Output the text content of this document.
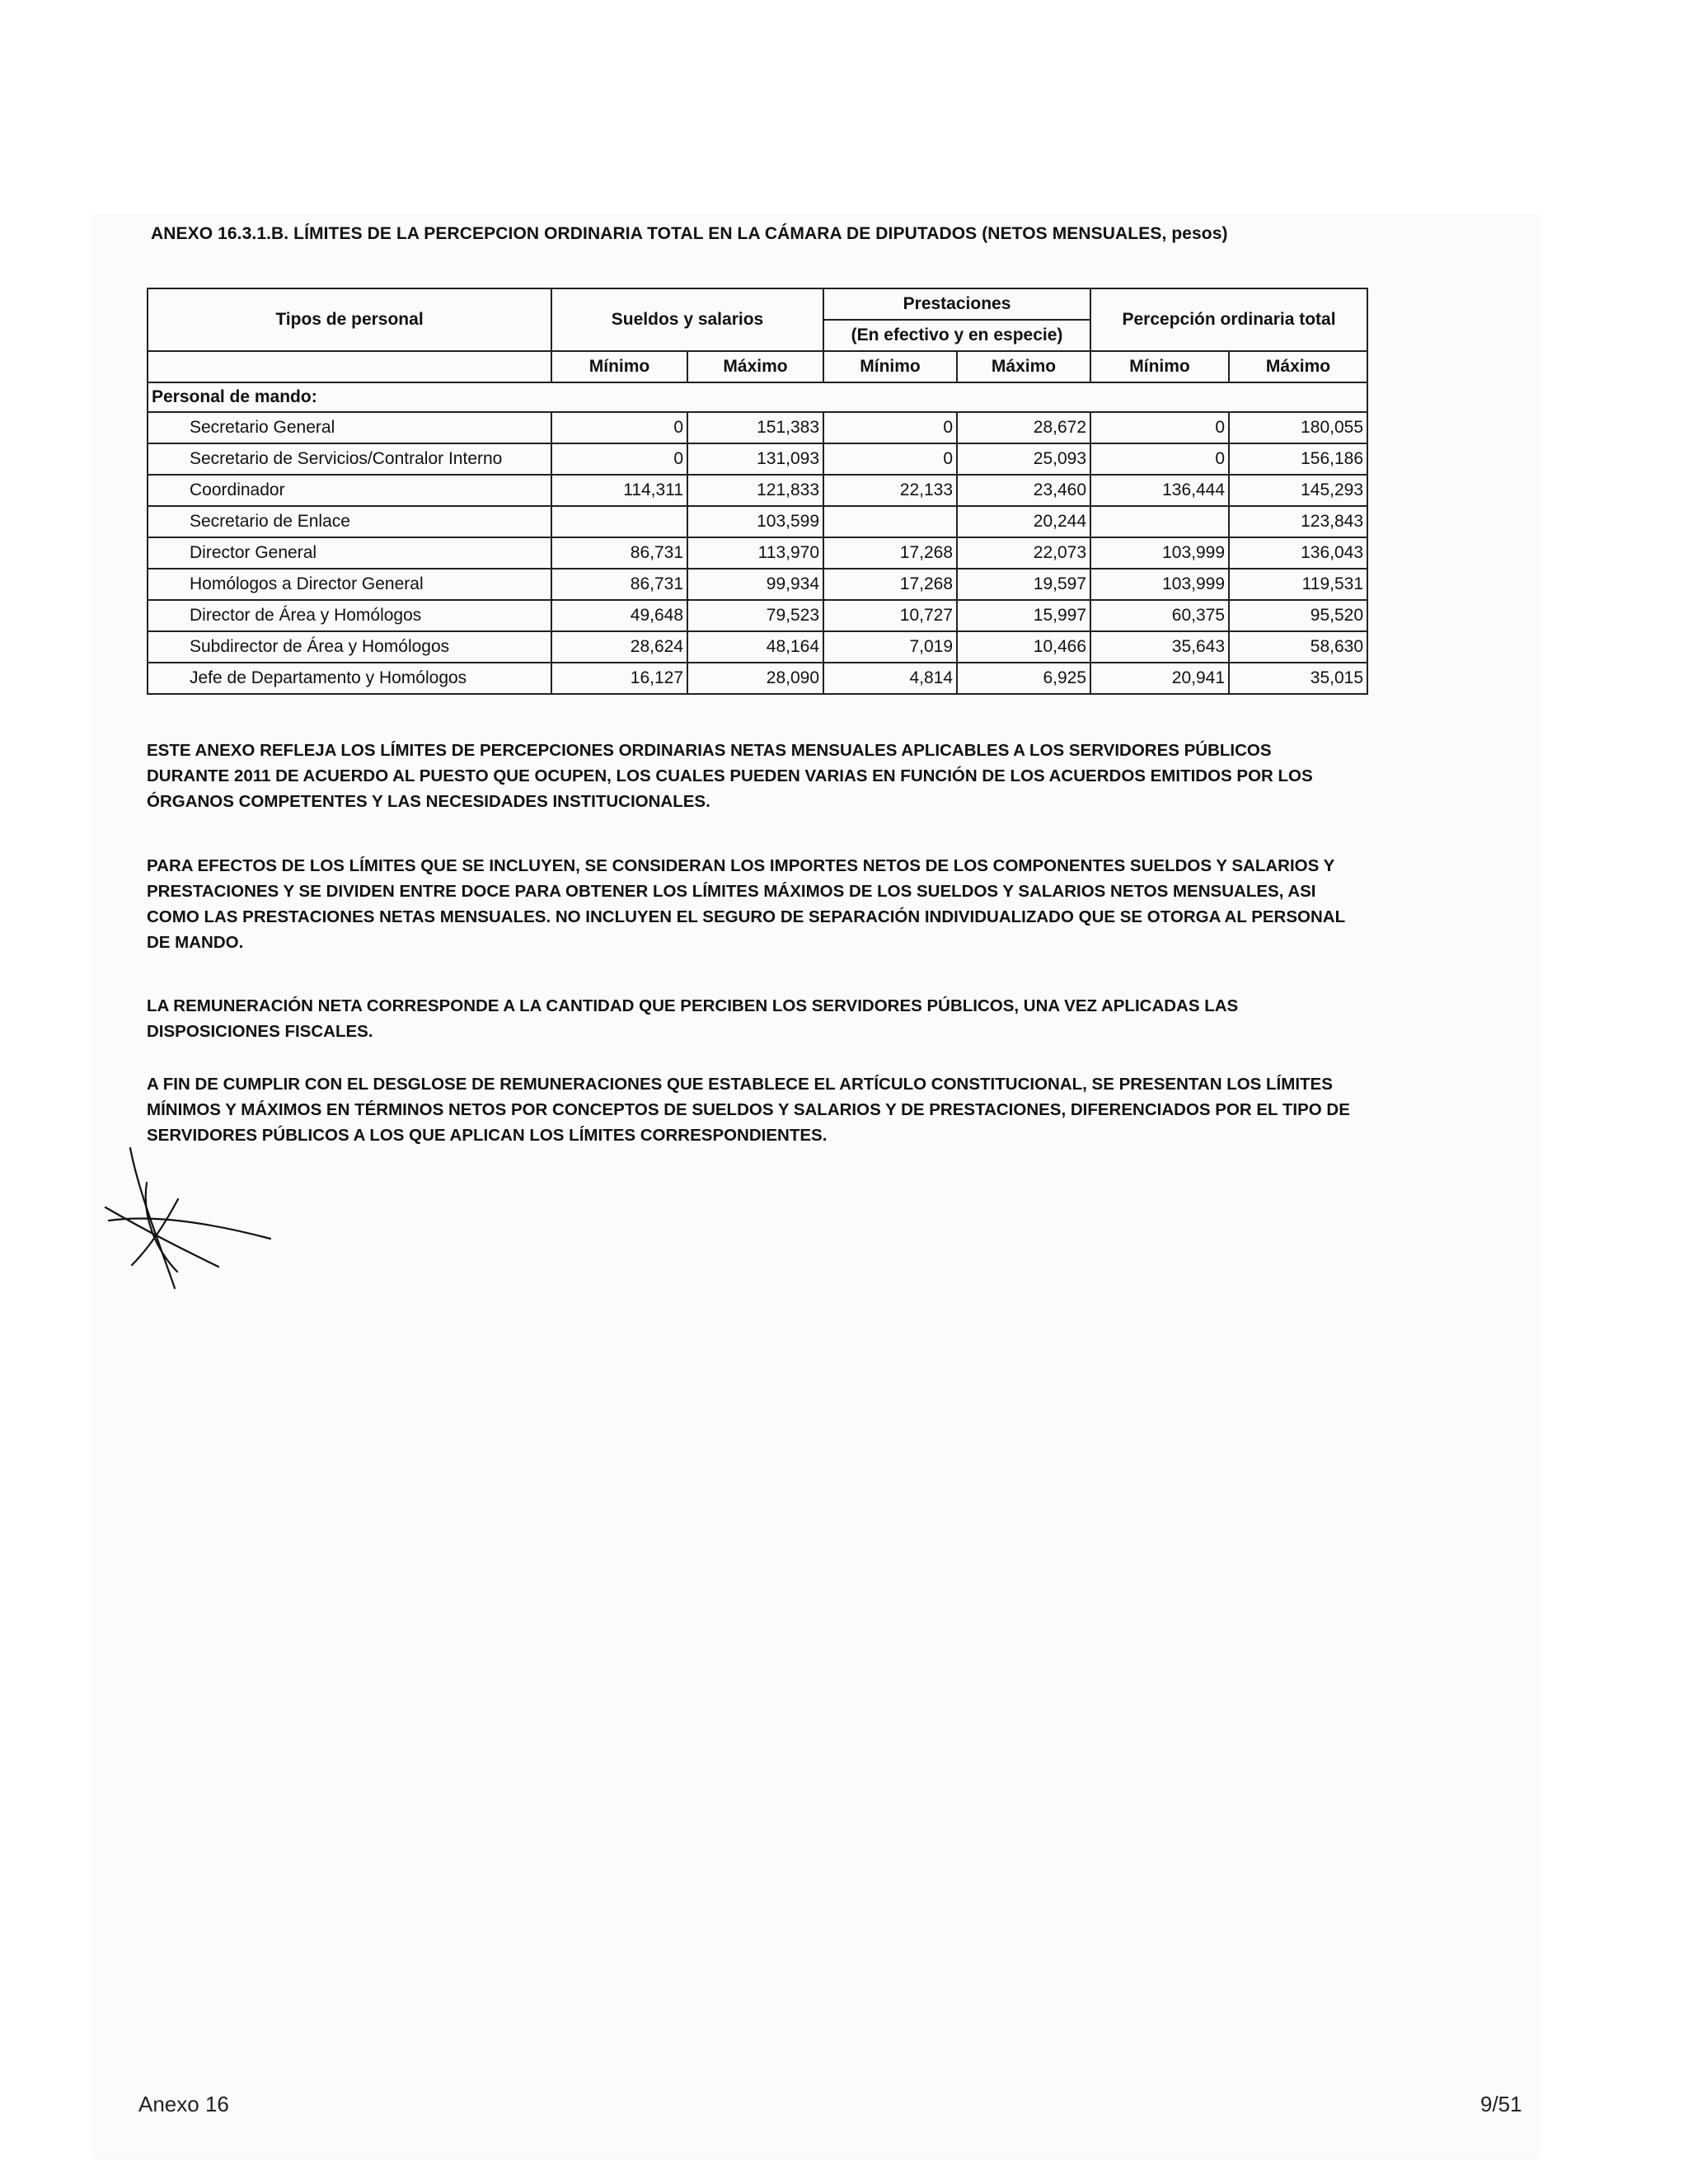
ANEXO 16.3.1.B. LÍMITES DE LA PERCEPCION ORDINARIA TOTAL EN LA CÁMARA DE DIPUTADOS (NETOS MENSUALES, pesos)
Tipos de personal	Sueldos y salarios		Prestaciones		Percepción ordinaria total	
			(En efectivo y en especie)			
	Mínimo	Máximo	Mínimo	Máximo	Mínimo	Máximo
Personal de mando:						
Secretario General	0	151,383	0	28,672	0	180,055
Secretario de Servicios/Contralor Interno	0	131,093	0	25,093	0	156,186
Coordinador	114,311	121,833	22,133	23,460	136,444	145,293
Secretario de Enlace		103,599		20,244		123,843
Director General	86,731	113,970	17,268	22,073	103,999	136,043
Homólogos a Director General	86,731	99,934	17,268	19,597	103,999	119,531
Director de Área y Homólogos	49,648	79,523	10,727	15,997	60,375	95,520
Subdirector de Área y Homólogos	28,624	48,164	7,019	10,466	35,643	58,630
Jefe de Departamento y Homólogos	16,127	28,090	4,814	6,925	20,941	35,015
ESTE ANEXO REFLEJA LOS LÍMITES DE PERCEPCIONES ORDINARIAS NETAS MENSUALES APLICABLES A LOS SERVIDORES PÚBLICOS DURANTE 2011 DE ACUERDO AL PUESTO QUE OCUPEN, LOS CUALES PUEDEN VARIAS EN FUNCIÓN DE LOS ACUERDOS EMITIDOS POR LOS ÓRGANOS COMPETENTES Y LAS NECESIDADES INSTITUCIONALES.
PARA EFECTOS DE LOS LÍMITES QUE SE INCLUYEN, SE CONSIDERAN LOS IMPORTES NETOS DE LOS COMPONENTES SUELDOS Y SALARIOS Y PRESTACIONES Y SE DIVIDEN ENTRE DOCE PARA OBTENER LOS LÍMITES MÁXIMOS DE LOS SUELDOS Y SALARIOS NETOS MENSUALES, ASI COMO LAS PRESTACIONES NETAS MENSUALES. NO INCLUYEN EL SEGURO DE SEPARACIÓN INDIVIDUALIZADO QUE SE OTORGA AL PERSONAL DE MANDO.
LA REMUNERACIÓN NETA CORRESPONDE A LA CANTIDAD QUE PERCIBEN LOS SERVIDORES PÚBLICOS, UNA VEZ APLICADAS LAS DISPOSICIONES FISCALES.
A FIN DE CUMPLIR CON EL DESGLOSE DE REMUNERACIONES QUE ESTABLECE EL ARTÍCULO CONSTITUCIONAL, SE PRESENTAN LOS LÍMITES MÍNIMOS Y MÁXIMOS EN TÉRMINOS NETOS POR CONCEPTOS DE SUELDOS Y SALARIOS Y DE PRESTACIONES, DIFERENCIADOS POR EL TIPO DE SERVIDORES PÚBLICOS A LOS QUE APLICAN LOS LÍMITES CORRESPONDIENTES.
Anexo 16	9/51
